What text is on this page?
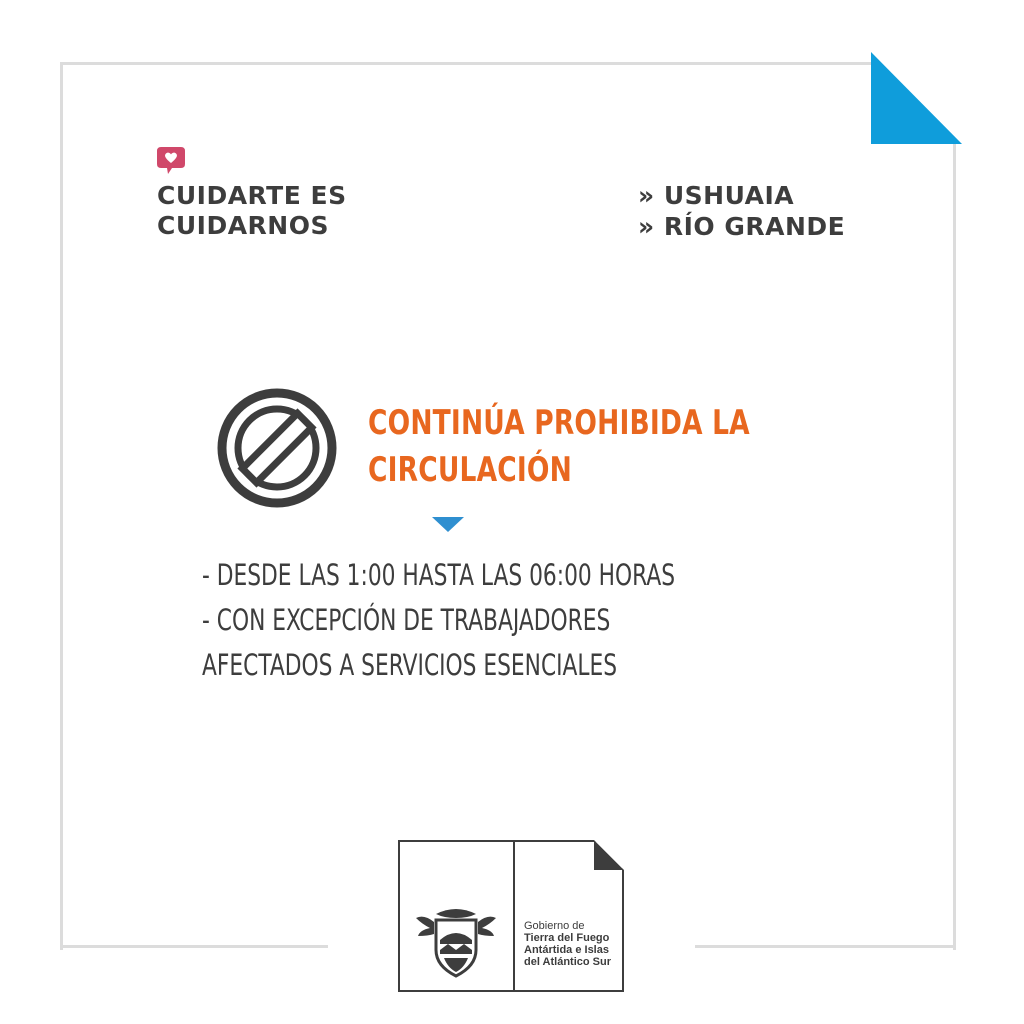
CUIDARTE ES
CUIDARNOS
» USHUAIA
» RÍO GRANDE
CONTINÚA PROHIBIDA LA
CIRCULACIÓN
- DESDE LAS 1:00 HASTA LAS 06:00 HORAS
- CON EXCEPCIÓN DE TRABAJADORES
AFECTADOS A SERVICIOS ESENCIALES
Gobierno de
Tierra del Fuego
Antártida e Islas
del Atlántico Sur
